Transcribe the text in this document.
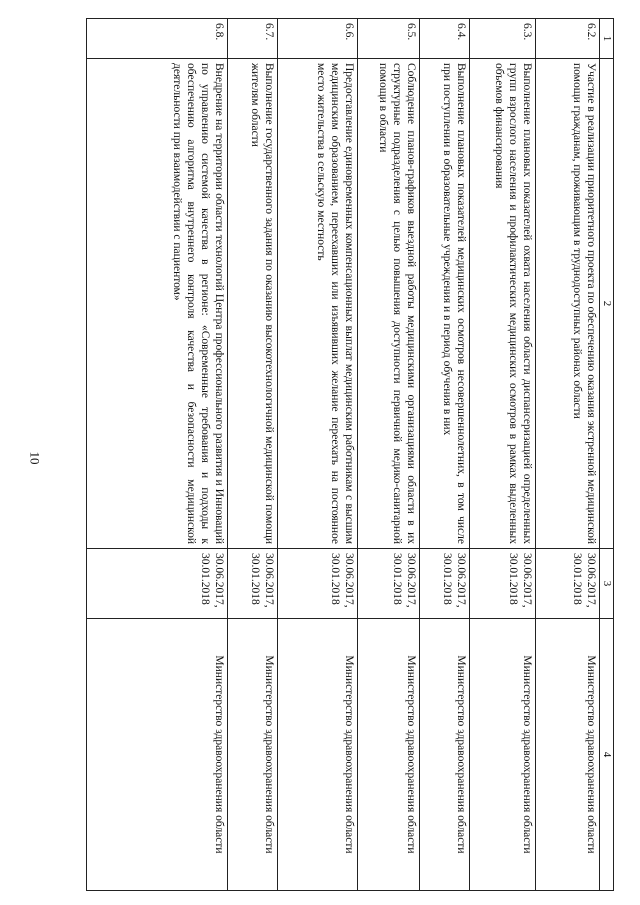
10
1	2	3	4
6.2.	Участие в реализации приоритетного проекта по обеспечению оказания экстренной медицинской помощи гражданам, проживающим в труднодоступных районах области	30.06.2017, 30.01.2018	Министерство здравоохранения области
6.3.	Выполнение плановых показателей охвата населения области диспансеризацией определенных групп взрослого населения и профилактических медицинских осмотров в рамках выделенных объемов финансирования	30.06.2017, 30.01.2018	Министерство здравоохранения области
6.4.	Выполнение плановых показателей медицинских осмотров несовершеннолетних, в том числе при поступлении в образовательные учреждения и в период обучения в них	30.06.2017, 30.01.2018	Министерство здравоохранения области
6.5.	Соблюдение планов-графиков выездной работы медицинскими организациями области в их структурные подразделения с целью повышения доступности первичной медико-санитарной помощи в области	30.06.2017, 30.01.2018	Министерство здравоохранения области
6.6.	Предоставление единовременных компенсационных выплат медицинским работникам с высшим медицинским образованием, переехавших или изъявивших желание переехать на постоянное место жительства в сельскую местность	30.06.2017, 30.01.2018	Министерство здравоохранения области
6.7.	Выполнение государственного задания по оказанию высокотехнологичной медицинской помощи жителям области	30.06.2017, 30.01.2018	Министерство здравоохранения области
6.8.	Внедрение на территории области технологий Центра профессионального развития и Инноваций по управлению системой качества в регионе: «Современные требования и подходы к обеспечению алгоритма внутреннего контроля качества и безопасности медицинской деятельности при взаимодействии с пациентом»	30.06.2017, 30.01.2018	Министерство здравоохранения области
